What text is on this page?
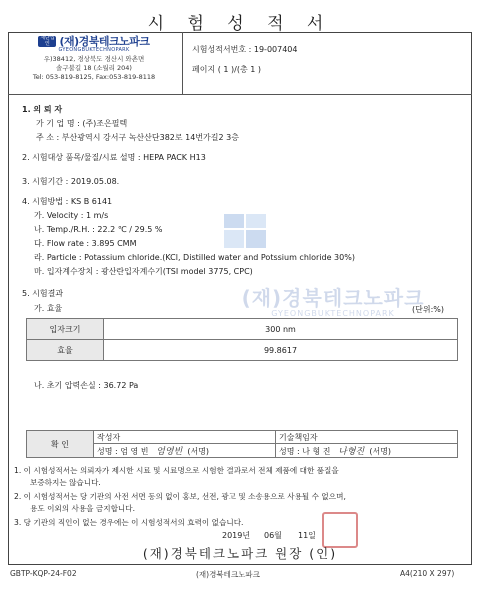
시 험 성 적 서
재단법인 (재)경북테크노파크
GYEONGBUKTECHNOPARK
우)38412, 경상북도 경산시 와촌면
솔구불길 18 (소월리 204)
Tel: 053-819-8125, Fax:053-819-8118
시험성적서번호 : 19-007404
페이지 ( 1 )/(총 1 )
(재)경북테크노파크
GYEONGBUKTECHNOPARK
1. 의 뢰 자
가 기 업 명 : (주)조은필텍
주 소 : 부산광역시 강서구 녹산산단382로 14번가길2 3층
2. 시험대상 품목/물질/시료 설명 : HEPA PACK H13
3. 시험기간 : 2019.05.08.
4. 시험방법 : KS B 6141
가. Velocity : 1 m/s
나. Temp./R.H. : 22.2 ℃ / 29.5 %
다. Flow rate : 3.895 CMM
라. Particle : Potassium chloride.(KCl, Distilled water and Potssium chloride 30%)
마. 입자계수장치 : 광산란입자계수기(TSI model 3775, CPC)
5. 시험결과
가. 효율	(단위:%)
입자크기	300 nm
효율	99.8617
나. 초기 압력손실 : 36.72 Pa
확 인	작성자	기술책임자
	성명 : 엄 영 빈 엄영빈 (서명)	성명 : 나 형 진 나형진 (서명)
1. 이 시험성적서는 의뢰자가 제시한 시료 및 시료명으로 시험한 결과로서 전체 제품에 대한 품질을
보증하지는 않습니다.
2. 이 시험성적서는 당 기관의 사전 서면 동의 없이 홍보, 선전, 광고 및 소송용으로 사용될 수 없으며,
용도 이외의 사용을 금지합니다.
3. 당 기관의 직인이 없는 경우에는 이 시험성적서의 효력이 없습니다.
2019년 06월 11일
(재)경북테크노파크 원장 (인)
GBTP-KQP-24-F02	(재)경북테크노파크	A4(210 X 297)
